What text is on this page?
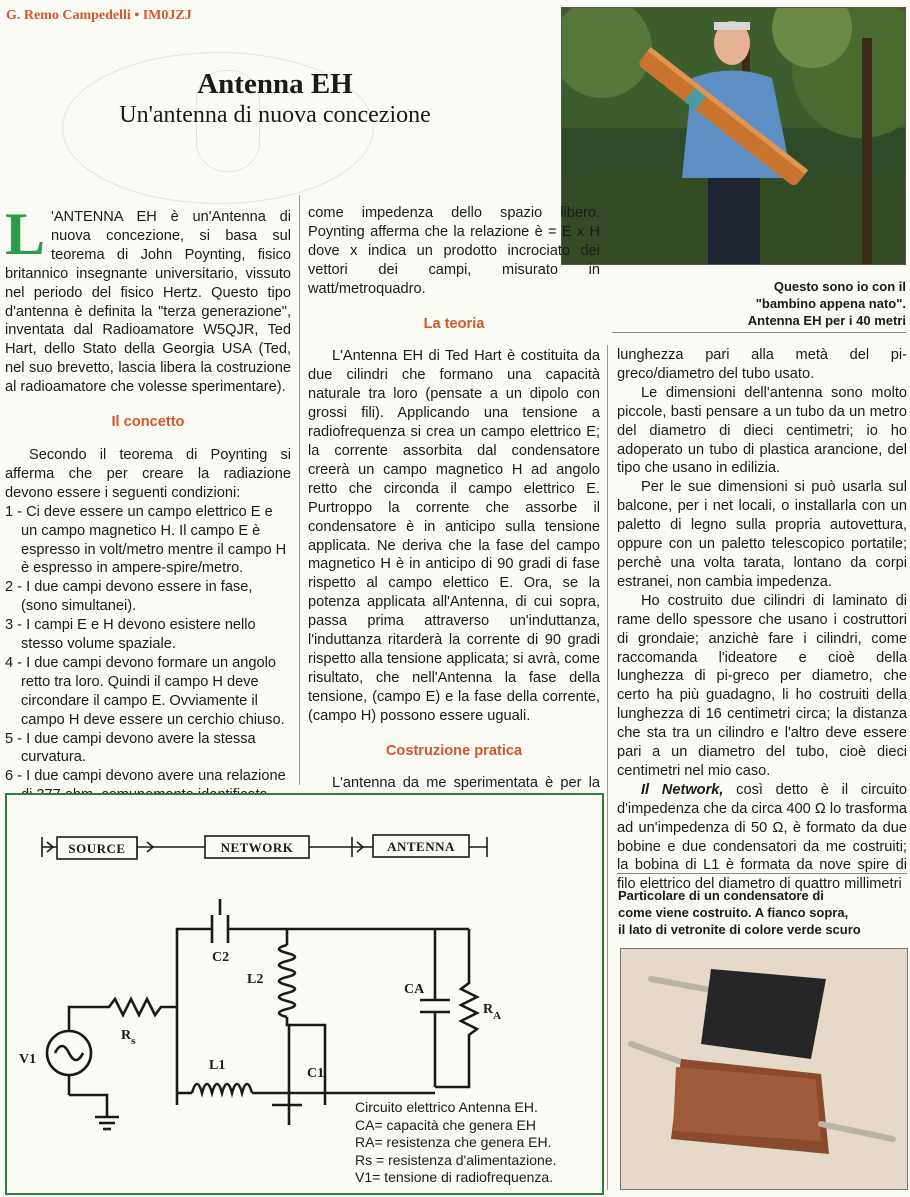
G. Remo Campedelli • IM0JZJ
Antenna EH
Un'antenna di nuova concezione

L 'ANTENNA EH è un'Antenna di nuova concezione, si basa sul teorema di John Poynting, fisico britannico insegnante universitario, vissuto nel periodo del fisico Hertz. Questo tipo d'antenna è definita la "terza generazione", inventata dal Radioamatore W5QJR, Ted Hart, dello Stato della Georgia USA (Ted, nel suo brevetto, lascia libera la costruzione al radioamatore che volesse sperimentare).

Il concetto

Secondo il teorema di Poynting si afferma che per creare la radiazione devono essere i seguenti condizioni:

1 - Ci deve essere un campo elettrico E e un campo magnetico H. Il campo E è espresso in volt/metro mentre il campo H è espresso in ampere-spire/metro.

2 - I due campi devono essere in fase, (sono simultanei).

3 - I campi E e H devono esistere nello stesso volume spaziale.

4 - I due campi devono formare un angolo retto tra loro. Quindi il campo H deve circondare il campo E. Ovviamente il campo H deve essere un cerchio chiuso.

5 - I due campi devono avere la stessa curvatura.

6 - I due campi devono avere una relazione

come impedenza dello spazio libero. Poynting afferma che la relazione è = E x H dove x indica un prodotto incrociato dei vettori dei campi, misurato in watt/metroquadro.

La teoria

L'Antenna EH di Ted Hart è costituita da due cilindri che formano una capacità naturale tra loro (pensate a un dipolo con grossi fili). Applicando una tensione a radiofrequenza si crea un campo elettrico E; la corrente assorbita dal condensatore creerà un campo magnetico H ad angolo retto che circonda il campo elettrico E. Purtroppo la corrente che assorbe il condensatore è in anticipo sulla tensione applicata. Ne deriva che la fase del campo magnetico H è in anticipo di 90 gradi di fase rispetto al campo elettico E. Ora, se la potenza applicata all'Antenna, di cui sopra, passa prima attraverso un'induttanza, l'induttanza ritarderà la corrente di 90 gradi rispetto alla tensione applicata; si avrà, come risultato, che nell'Antenna la fase della tensione, (campo E) e la fase della corrente, (campo H) possono essere uguali.

Costruzione pratica

L'antenna da me sperimentata è per la

Questo sono io con il
"bambino appena nato".
Antenna EH per i 40 metri

lunghezza pari alla metà del pi-greco/diametro del tubo usato.

Le dimensioni dell'antenna sono molto piccole, basti pensare a un tubo da un metro del diametro di dieci centimetri; io ho adoperato un tubo di plastica arancione, del tipo che usano in edilizia.

Per le sue dimensioni si può usarla sul balcone, per i net locali, o installarla con un paletto di legno sulla propria autovettura, oppure con un paletto telescopico portatile; perchè una volta tarata, lontano da corpi estranei, non cambia impedenza.

Ho costruito due cilindri di laminato di rame dello spessore che usano i costruttori di grondaie; anzichè fare i cilindri, come raccomanda l'ideatore e cioè della lunghezza di pi-greco per diametro, che certo ha più guadagno, li ho costruiti della lunghezza di 16 centimetri circa; la distanza che sta tra un cilindro e l'altro deve essere pari a un diametro del tubo, cioè dieci centimetri nel mio caso.

Il Network, così detto è il circuito d'impedenza che da circa 400 Ω lo trasforma ad un'impedenza di 50 Ω, è formato da due bobine e due condensatori da me costruiti; la bobina di L1 è formata da nove spire di filo elettrico del diametro di quattro millimetri

Particolare di un condensatore di
come viene costruito. A fianco sopra,
il lato di vetronite di colore verde scuro
SOURCE	NETWORK	ANTENNA
C2
L2
CA
$R_A$
$R_s$
V1	L1
C1
Circuito elettrico Antenna EH.
CA= capacità che genera EH
RA= resistenza che genera EH.
Rs = resistenza d'alimentazione.
V1= tensione di radiofrequenza.
